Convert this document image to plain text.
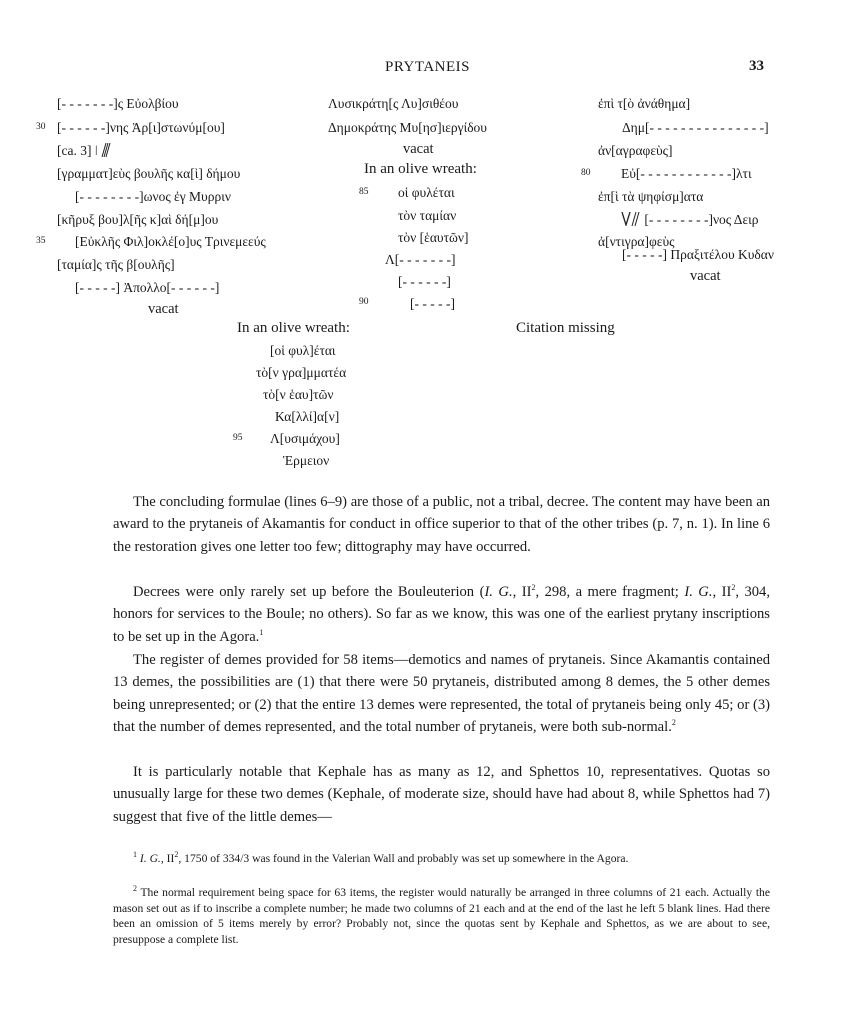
PRYTANEIS	33
[- - - - - - -]ς Εὐολβίου
30 [- - - - - -]νης Ἀρ[ι]στωνύμ[ου]
[ca. 3] ǀ
[γραμματ]εὺς βουλῆς κα[ὶ] δήμου
[- - - - - - - -]ωνος ἐγ Μυρριν
[κῆρυξ βου]λ[ῆς κ]αὶ δή[μ]ου
35 [Εὐκλῆς Φιλ]οκλέ[ο]υς Τρινεμεεύς
[ταμία]ς τῆς β[ουλῆς]
[- - - - -] Ἀπολλο[- - - - - -]
vacat
Λυσικράτη[ς Λυ]σιθέου
Δημοκράτης Μυ[ησ]ιεργίδου
vacat
In an olive wreath:
85 οἱ φυλέται
τὸν ταμίαν
τὸν [ἑαυτῶν]
Λ[- - - - - - -]
[- - - - - -]
90	[- - - - -]
ἐπὶ τ[ὸ ἀνάθημα]
Δημ[- - - - - - - - - - - - - - -]
ἀν[αγραφεὺς]
80 Εὐ[- - - - - - - - - - - -]λτι
ἐπ[ὶ τὰ ψηφίσμ]ατα
[- - - - - - - -]νος Δειρ
ἀ[ντιγρα]φεὺς
[- - - - -] Πραξιτέλου Κυδαν
vacat
In an olive wreath:	Citation missing
[οἱ φυλ]έται
τὸ[ν γρα]μματέα
τὸ[ν ἑαυ]τῶν
Κα[λλί]α[ν]
95 Λ[υσιμάχου]
Ἑρμειον
The concluding formulae (lines 6–9) are those of a public, not a tribal, decree. The content may have been an award to the prytaneis of Akamantis for conduct in office superior to that of the other tribes (p. 7, n. 1). In line 6 the restoration gives one letter too few; dittography may have occurred.
Decrees were only rarely set up before the Bouleuterion (I. G., $II^2$, 298, a mere fragment; I. G., $II^2$, 304, honors for services to the Boule; no others). So far as we know, this was one of the earliest prytany inscriptions to be set up in the Agora.$^1$
The register of demes provided for 58 items—demotics and names of prytaneis. Since Akamantis contained 13 demes, the possibilities are (1) that there were 50 prytaneis, distributed among 8 demes, the 5 other demes being unrepresented; or (2) that the entire 13 demes were represented, the total of prytaneis being only 45; or (3) that the number of demes represented, and the total number of prytaneis, were both sub-normal.$^2$
It is particularly notable that Kephale has as many as 12, and Sphettos 10, representatives. Quotas so unusually large for these two demes (Kephale, of moderate size, should have had about 8, while Sphettos had 7) suggest that five of the little demes—
$^1$ I. G., $II^2$, 1750 of 334/3 was found in the Valerian Wall and probably was set up somewhere in the Agora.
$^2$ The normal requirement being space for 63 items, the register would naturally be arranged in three columns of 21 each. Actually the mason set out as if to inscribe a complete number; he made two columns of 21 each and at the end of the last he left 5 blank lines. Had there been an omission of 5 items merely by error? Probably not, since the quotas sent by Kephale and Sphettos, as we are about to see, presuppose a complete list.
